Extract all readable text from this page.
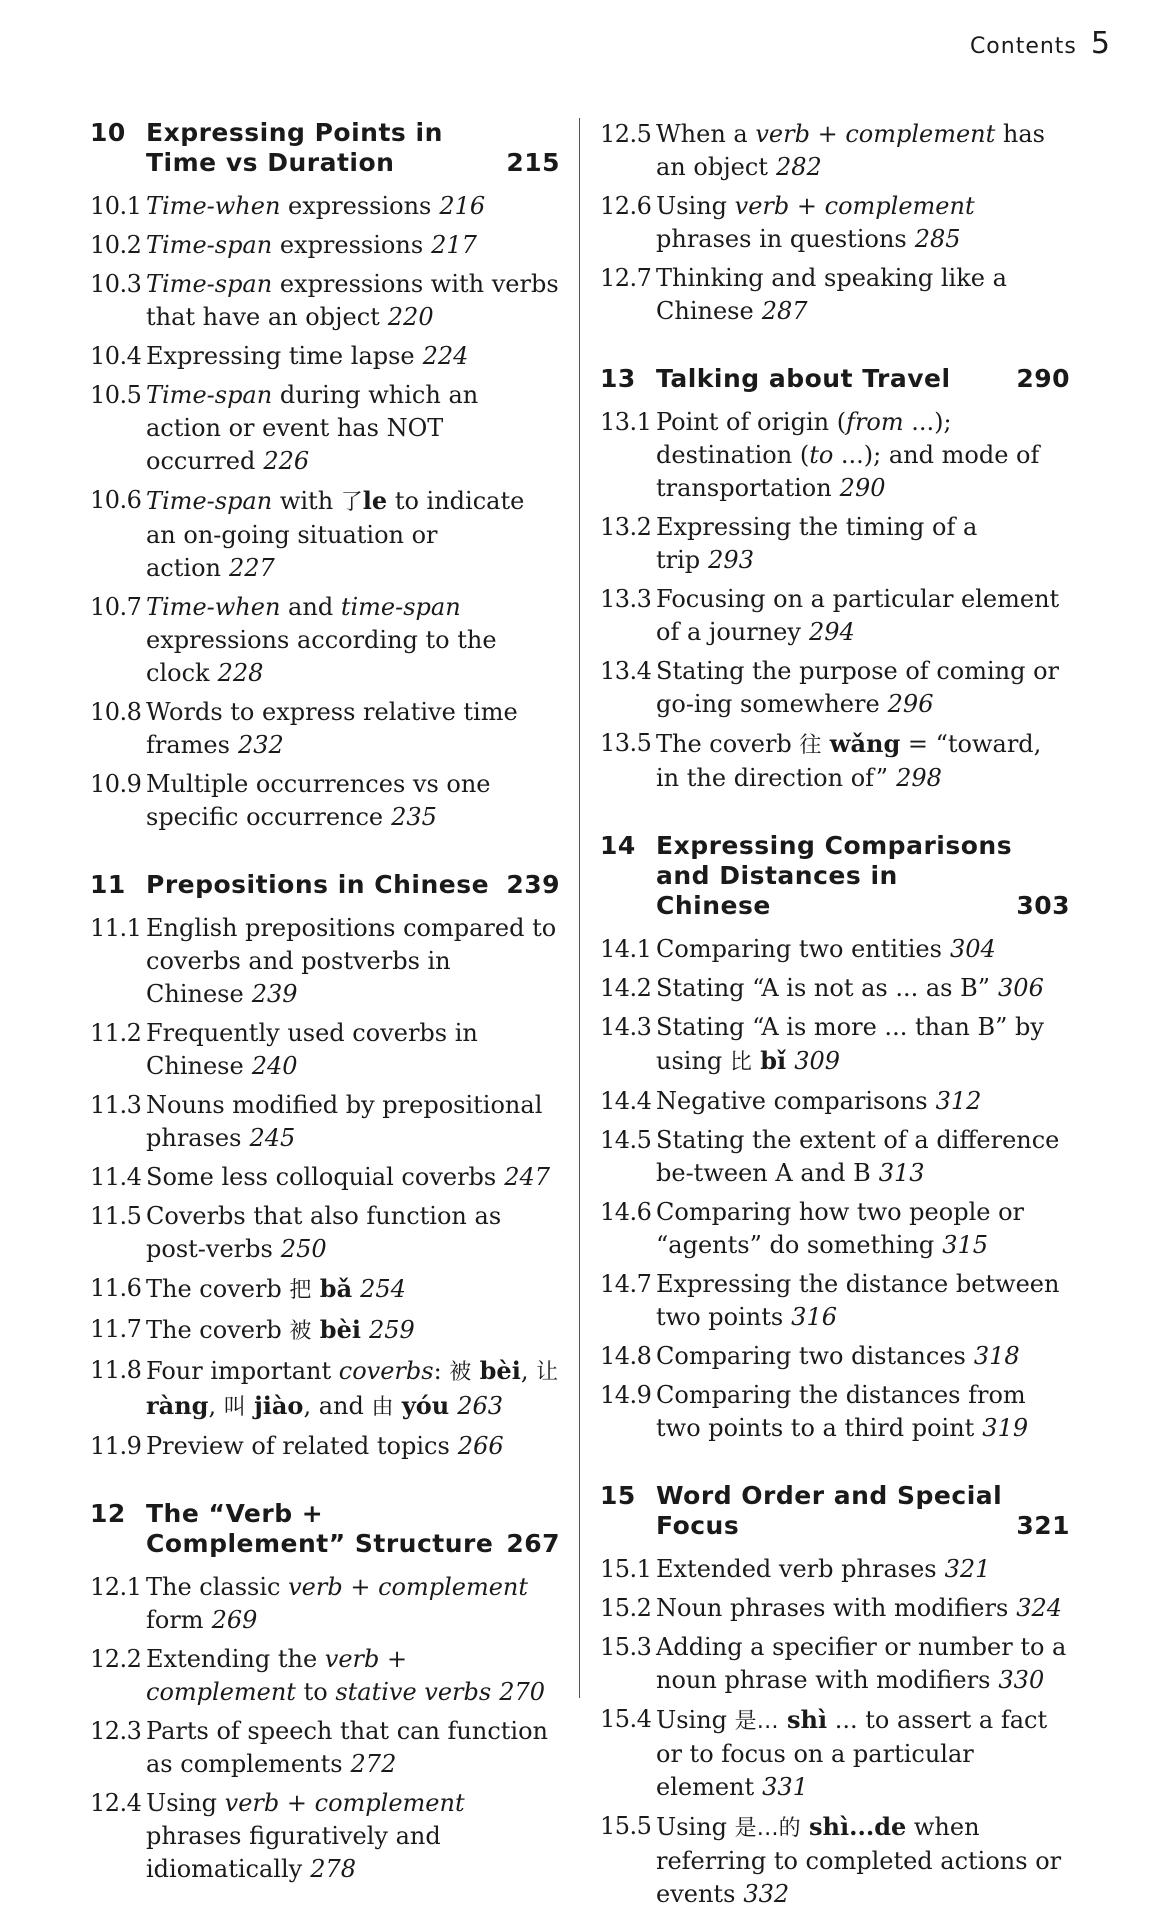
Contents 5
10 Expressing Points in Time vs Duration	215
10.1 Time-when expressions 216
10.2 Time-span expressions 217
10.3 Time-span expressions with verbs that have an object 220
10.4 Expressing time lapse 224
10.5 Time-span during which an action or event has NOT occurred 226
10.6 Time-span with 了le to indicate an on-going situation or action 227
10.7 Time-when and time-span expressions according to the clock 228
10.8 Words to express relative time frames 232
10.9 Multiple occurrences vs one specific occurrence 235
11 Prepositions in Chinese 239
11.1 English prepositions compared to coverbs and postverbs in Chinese 239
11.2 Frequently used coverbs in Chinese 240
11.3 Nouns modified by prepositional phrases 245
11.4 Some less colloquial coverbs 247
11.5 Coverbs that also function as post-verbs 250
11.6 The coverb 把 bǎ 254
11.7 The coverb 被 bèi 259
11.8 Four important coverbs: 被 bèi, 让 ràng, 叫 jiào, and 由 yóu 263
11.9 Preview of related topics 266
12 The “Verb + Complement” Structure 267
12.1 The classic verb + complement form 269
12.2 Extending the verb + complement to stative verbs 270
12.3 Parts of speech that can function as complements 272
12.4 Using verb + complement phrases figuratively and idiomatically 278
12.5 When a verb + complement has an object 282
12.6 Using verb + complement phrases in questions 285
12.7 Thinking and speaking like a Chinese 287
13 Talking about Travel	290
13.1 Point of origin (from ...); destination (to ...); and mode of transportation 290
13.2 Expressing the timing of a trip 293
13.3 Focusing on a particular element of a journey 294
13.4 Stating the purpose of coming or go-ing somewhere 296
13.5 The coverb 往 wǎng = “toward, in the direction of” 298
14 Expressing Comparisons and Distances in Chinese	303
14.1 Comparing two entities 304
14.2 Stating “A is not as ... as B” 306
14.3 Stating “A is more ... than B” by using 比 bǐ 309
14.4 Negative comparisons 312
14.5 Stating the extent of a difference be-tween A and B 313
14.6 Comparing how two people or “agents” do something 315
14.7 Expressing the distance between two points 316
14.8 Comparing two distances 318
14.9 Comparing the distances from two points to a third point 319
15 Word Order and Special Focus	321
15.1 Extended verb phrases 321
15.2 Noun phrases with modifiers 324
15.3 Adding a specifier or number to a noun phrase with modifiers 330
15.4 Using 是… shì ... to assert a fact or to focus on a particular element 331
15.5 Using 是…的 shì...de when referring to completed actions or events 332
